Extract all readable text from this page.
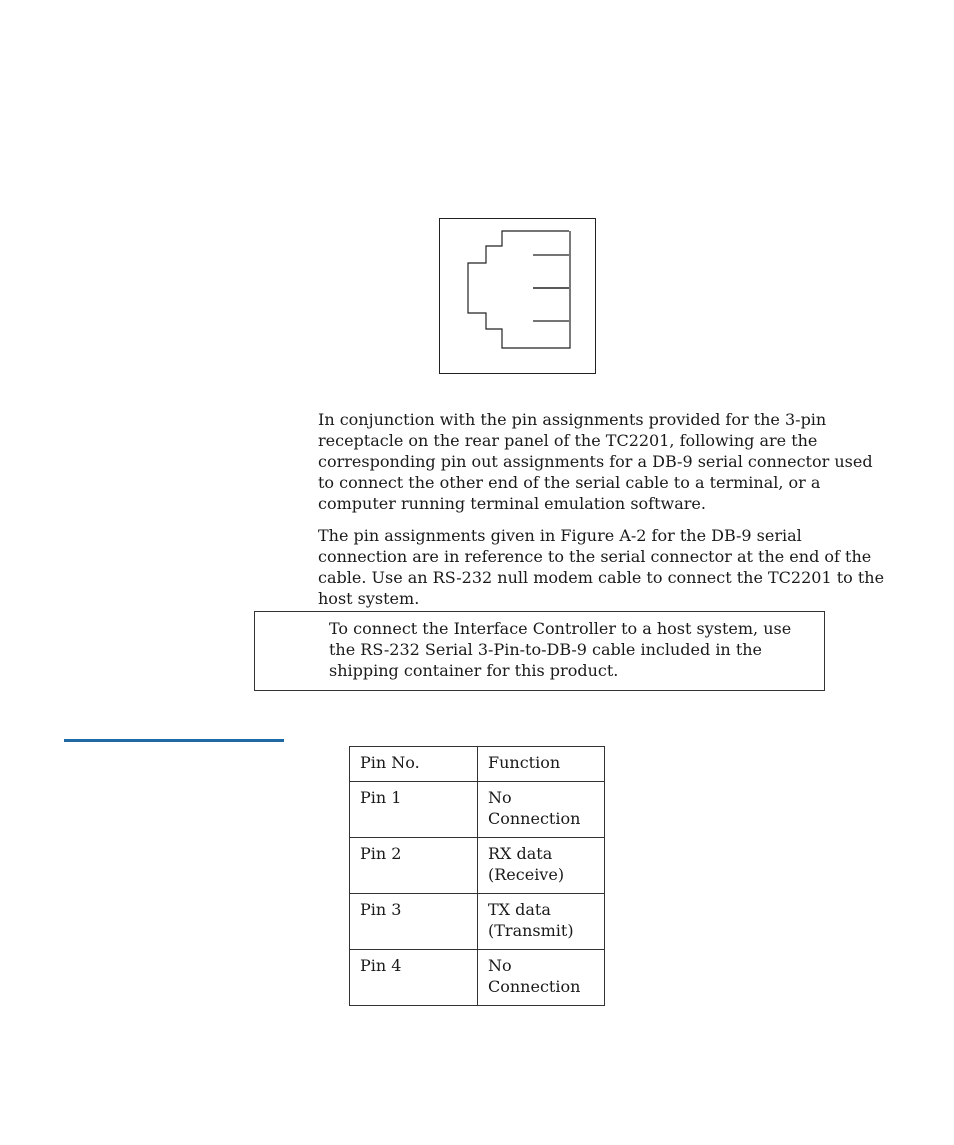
In conjunction with the pin assignments provided for the 3-pin receptacle on the rear panel of the TC2201, following are the corresponding pin out assignments for a DB-9 serial connector used to connect the other end of the serial cable to a terminal, or a computer running terminal emulation software.

The pin assignments given in Figure A-2 for the DB-9 serial connection are in reference to the serial connector at the end of the cable. Use an RS-232 null modem cable to connect the TC2201 to the host system.

To connect the Interface Controller to a host system, use the RS-232 Serial 3-Pin-to-DB-9 cable included in the shipping container for this product.

Pin No.	Function
Pin 1	No Connection
Pin 2	RX data (Receive)
Pin 3	TX data (Transmit)
Pin 4	No Connection
